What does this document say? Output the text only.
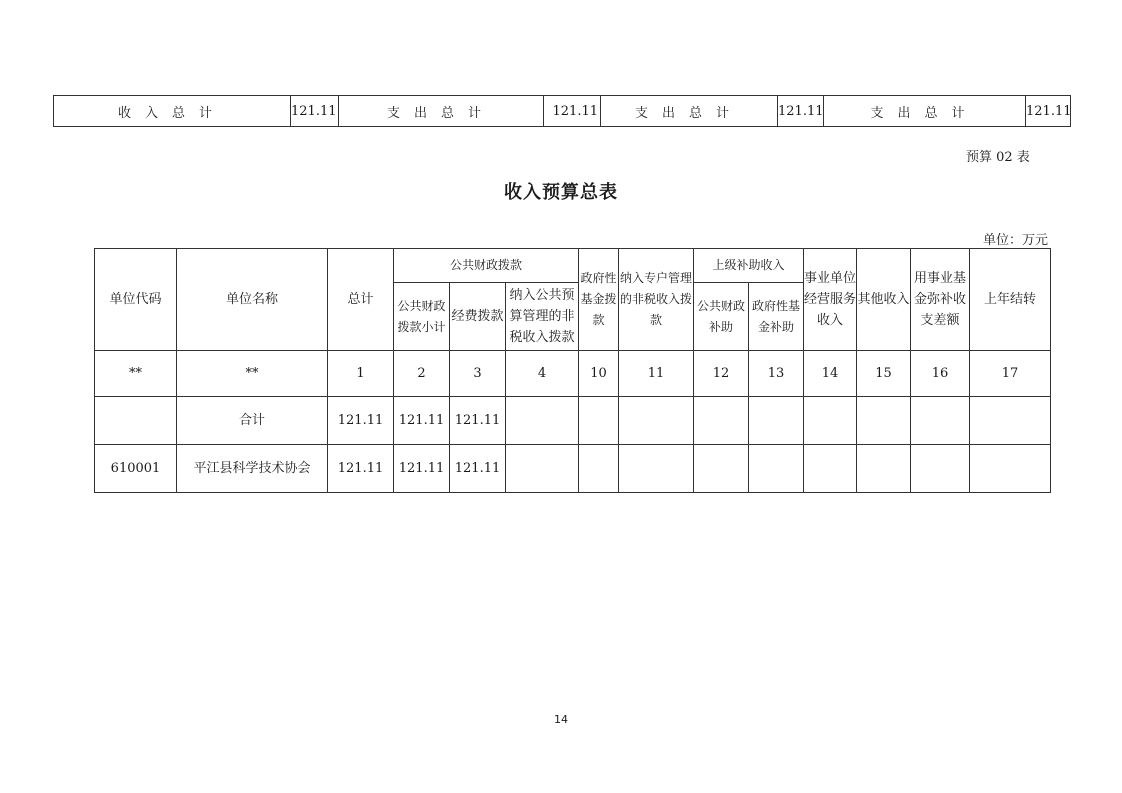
收入总计	121.11	支出总计	121.11	支出总计	121.11	支出总计	121.11
预算 02 表
收入预算总表
单位：万元
单位代码	单位名称	总计	公共财政拨款			政府性基金拨款	纳入专户管理的非税收入拨款	上级补助收入		事业单位经营服务收入	其他收入	用事业基金弥补收支差额	上年结转
			公共财政拨款小计	经费拨款	纳入公共预算管理的非税收入拨款								
								公共财政补助	政府性基金补助				
**	**	1	2	3	4	10	11	12	13	14	15	16	17
	合计	121.11	121.11	121.11									
610001	平江县科学技术协会	121.11	121.11	121.11									
14
